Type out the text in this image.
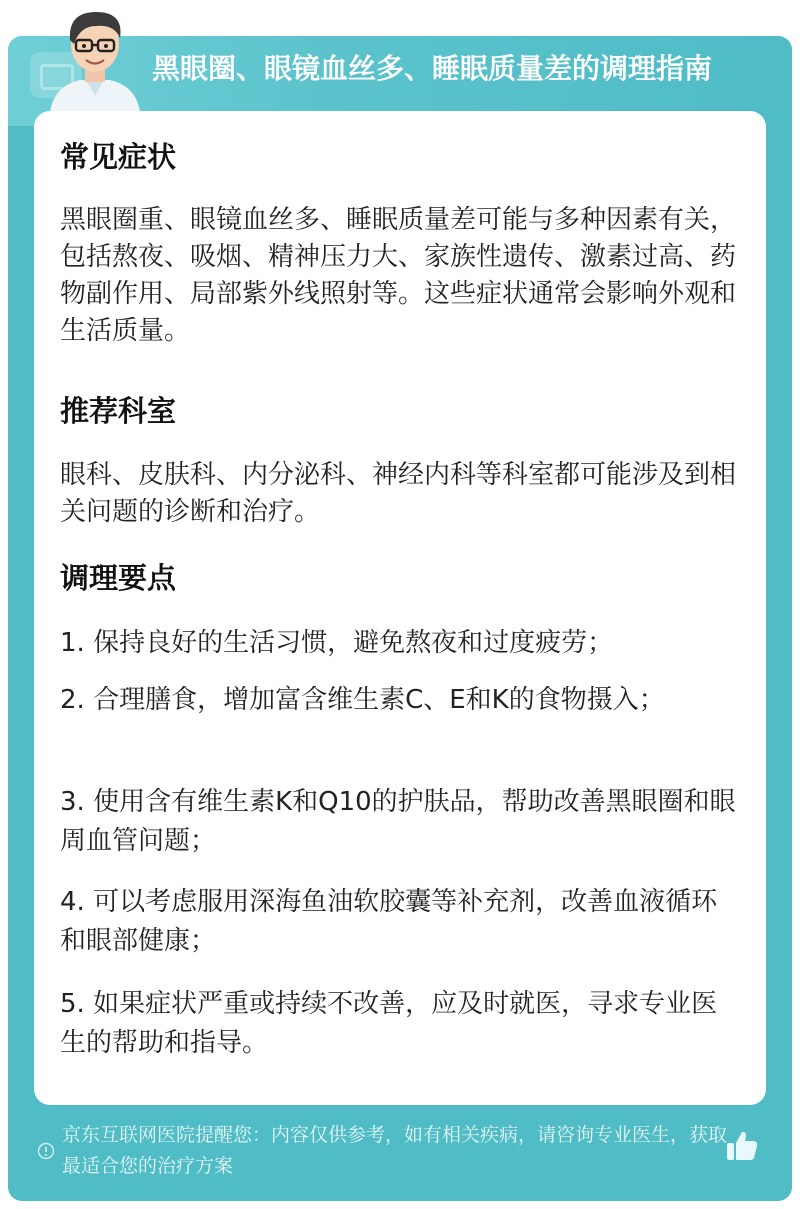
黑眼圈、眼镜血丝多、睡眠质量差的调理指南
常见症状

黑眼圈重、眼镜血丝多、睡眠质量差可能与多种因素有关，包括熬夜、吸烟、精神压力大、家族性遗传、激素过高、药物副作用、局部紫外线照射等。这些症状通常会影响外观和生活质量。

推荐科室

眼科、皮肤科、内分泌科、神经内科等科室都可能涉及到相关问题的诊断和治疗。

调理要点

1. 保持良好的生活习惯，避免熬夜和过度疲劳；

2. 合理膳食，增加富含维生素C、E和K的食物摄入；

3. 使用含有维生素K和Q10的护肤品，帮助改善黑眼圈和眼周血管问题；

4. 可以考虑服用深海鱼油软胶囊等补充剂，改善血液循环和眼部健康；

5. 如果症状严重或持续不改善，应及时就医，寻求专业医生的帮助和指导。

京东互联网医院提醒您：内容仅供参考，如有相关疾病，请咨询专业医生，获取最适合您的治疗方案
